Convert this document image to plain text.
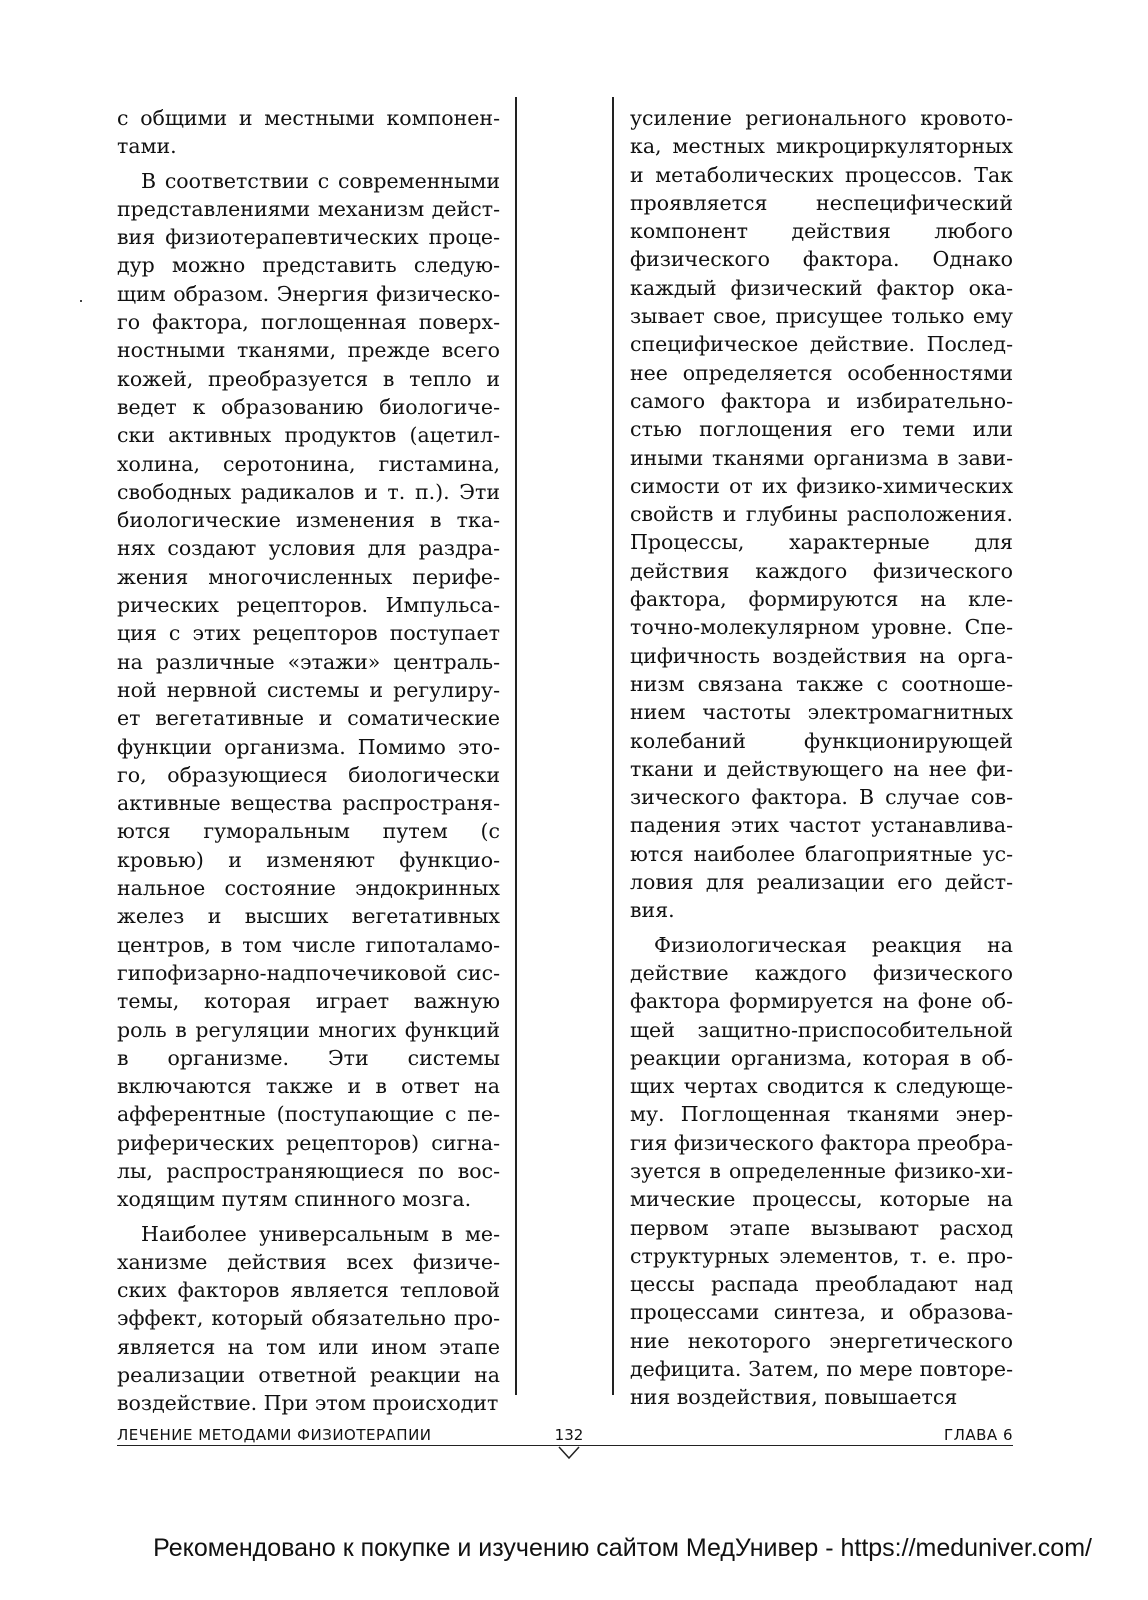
с общими и местными компонентами.

В соответствии с современными представлениями механизм действия физиотерапевтических процедур можно представить следующим образом. Энергия физического фактора, поглощенная поверхностными тканями, прежде всего кожей, преобразуется в тепло и ведет к образованию биологически активных продуктов (ацетилхолина, серотонина, гистамина, свободных радикалов и т. п.). Эти биологические изменения в тканях создают условия для раздражения многочисленных периферических рецепторов. Импульсация с этих рецепторов поступает на различные «этажи» центральной нервной системы и регулирует вегетативные и соматические функции организма. Помимо этого, образующиеся биологически активные вещества распространяются гуморальным путем (с кровью) и изменяют функциональное состояние эндокринных желез и высших вегетативных центров, в том числе гипоталамогипофизарно-надпочечиковой системы, которая играет важную роль в регуляции многих функций в организме. Эти системы включаются также и в ответ на афферентные (поступающие с периферических рецепторов) сигналы, распространяющиеся по восходящим путям спинного мозга.

Наиболее универсальным в механизме действия всех физических факторов является тепловой эффект, который обязательно проявляется на том или ином этапе реализации ответной реакции на воздействие. При этом происходит

усиление регионального кровотока, местных микроциркуляторных и метаболических процессов. Так проявляется неспецифический компонент действия любого физического фактора. Однако каждый физический фактор оказывает свое, присущее только ему специфическое действие. Последнее определяется особенностями самого фактора и избирательностью поглощения его теми или иными тканями организма в зависимости от их физико-химических свойств и глубины расположения. Процессы, характерные для действия каждого физического фактора, формируются на клеточно-молекулярном уровне. Специфичность воздействия на организм связана также с соотношением частоты электромагнитных колебаний функционирующей ткани и действующего на нее физического фактора. В случае совпадения этих частот устанавливаются наиболее благоприятные условия для реализации его действия.

Физиологическая реакция на действие каждого физического фактора формируется на фоне общей защитно-приспособительной реакции организма, которая в общих чертах сводится к следующему. Поглощенная тканями энергия физического фактора преобразуется в определенные физико-химические процессы, которые на первом этапе вызывают расход структурных элементов, т. е. процессы распада преобладают над процессами синтеза, и образование некоторого энергетического дефицита. Затем, по мере повторения воздействия, повышается

ЛЕЧЕНИЕ МЕТОДАМИ ФИЗИОТЕРАПИИ	132	ГЛАВА 6
Рекомендовано к покупке и изучению сайтом МедУнивер - https://meduniver.com/
